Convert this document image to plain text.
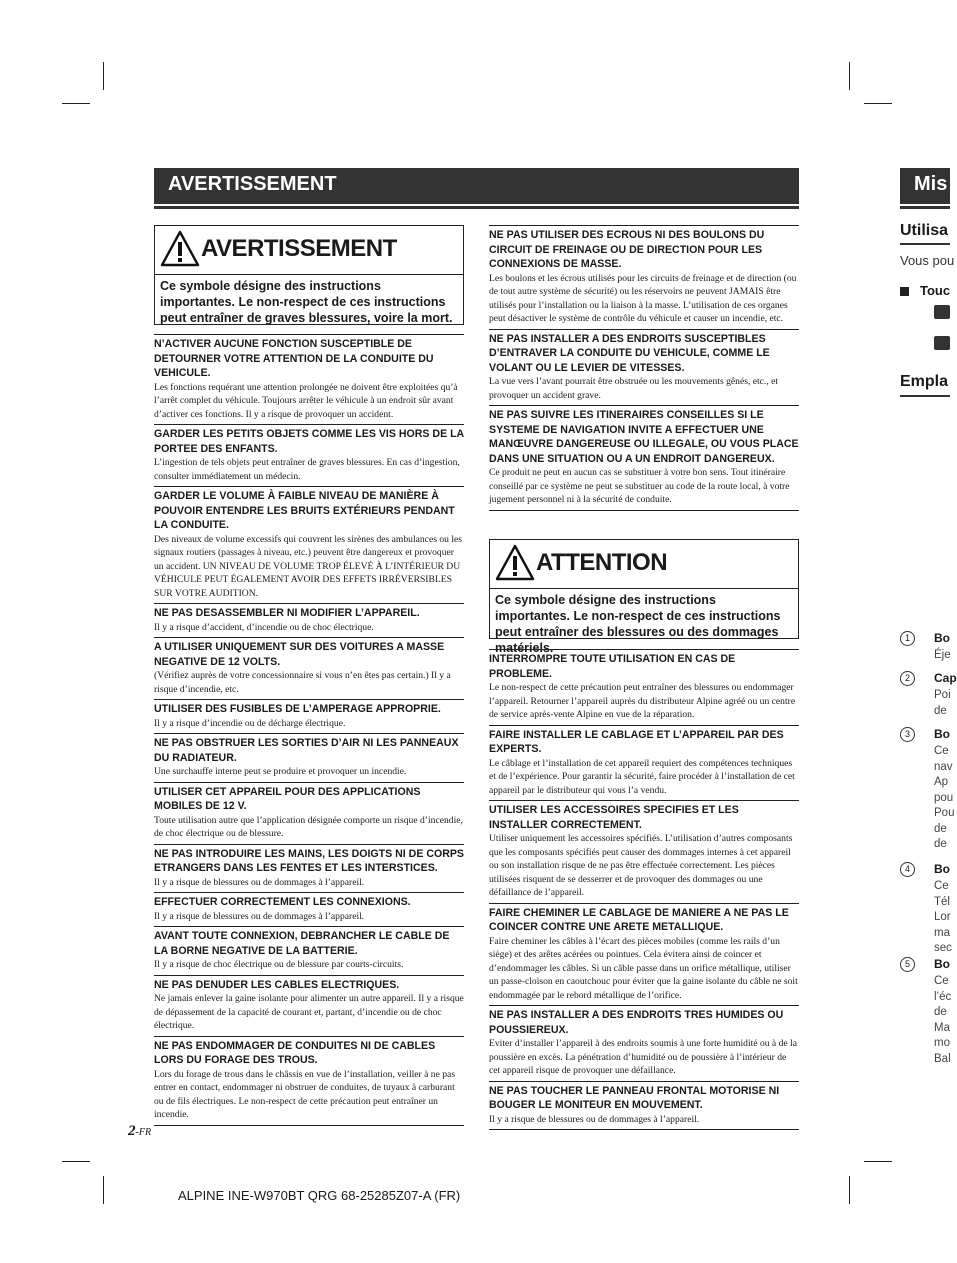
AVERTISSEMENT
AVERTISSEMENT
Ce symbole désigne des instructions importantes. Le non-respect de ces instructions peut entraîner de graves blessures, voire la mort.
N’ACTIVER AUCUNE FONCTION SUSCEPTIBLE DE DETOURNER VOTRE ATTENTION DE LA CONDUITE DU VEHICULE.
Les fonctions requérant une attention prolongée ne doivent être exploitées qu’à l’arrêt complet du véhicule. Toujours arrêter le véhicule à un endroit sûr avant d’activer ces fonctions. Il y a risque de provoquer un accident.
GARDER LES PETITS OBJETS COMME LES VIS HORS DE LA PORTEE DES ENFANTS.
L’ingestion de tels objets peut entraîner de graves blessures. En cas d’ingestion, consulter immédiatement un médecin.
GARDER LE VOLUME À FAIBLE NIVEAU DE MANIÈRE À POUVOIR ENTENDRE LES BRUITS EXTÉRIEURS PENDANT LA CONDUITE.
Des niveaux de volume excessifs qui couvrent les sirènes des ambulances ou les signaux routiers (passages à niveau, etc.) peuvent être dangereux et provoquer un accident. UN NIVEAU DE VOLUME TROP ÉLEVÉ À L’INTÉRIEUR DU VÉHICULE PEUT ÉGALEMENT AVOIR DES EFFETS IRRÉVERSIBLES SUR VOTRE AUDITION.
NE PAS DESASSEMBLER NI MODIFIER L’APPAREIL.
Il y a risque d’accident, d’incendie ou de choc électrique.
A UTILISER UNIQUEMENT SUR DES VOITURES A MASSE NEGATIVE DE 12 VOLTS.
(Vérifiez auprès de votre concessionnaire si vous n’en êtes pas certain.) Il y a risque d’incendie, etc.
UTILISER DES FUSIBLES DE L’AMPERAGE APPROPRIE.
Il y a risque d’incendie ou de décharge électrique.
NE PAS OBSTRUER LES SORTIES D’AIR NI LES PANNEAUX DU RADIATEUR.
Une surchauffe interne peut se produire et provoquer un incendie.
UTILISER CET APPAREIL POUR DES APPLICATIONS MOBILES DE 12 V.
Toute utilisation autre que l’application désignée comporte un risque d’incendie, de choc électrique ou de blessure.
NE PAS INTRODUIRE LES MAINS, LES DOIGTS NI DE CORPS ETRANGERS DANS LES FENTES ET LES INTERSTICES.
Il y a risque de blessures ou de dommages à l’appareil.
EFFECTUER CORRECTEMENT LES CONNEXIONS.
Il y a risque de blessures ou de dommages à l’appareil.
AVANT TOUTE CONNEXION, DEBRANCHER LE CABLE DE LA BORNE NEGATIVE DE LA BATTERIE.
Il y a risque de choc électrique ou de blessure par courts-circuits.
NE PAS DENUDER LES CABLES ELECTRIQUES.
Ne jamais enlever la gaine isolante pour alimenter un autre appareil. Il y a risque de dépassement de la capacité de courant et, partant, d’incendie ou de choc électrique.
NE PAS ENDOMMAGER DE CONDUITES NI DE CABLES LORS DU FORAGE DES TROUS.
Lors du forage de trous dans le châssis en vue de l’installation, veiller à ne pas entrer en contact, endommager ni obstruer de conduites, de tuyaux à carburant ou de fils électriques. Le non-respect de cette précaution peut entraîner un incendie.
NE PAS UTILISER DES ECROUS NI DES BOULONS DU CIRCUIT DE FREINAGE OU DE DIRECTION POUR LES CONNEXIONS DE MASSE.
Les boulons et les écrous utilisés pour les circuits de freinage et de direction (ou de tout autre système de sécurité) ou les réservoirs ne peuvent JAMAIS être utilisés pour l’installation ou la liaison à la masse. L’utilisation de ces organes peut désactiver le système de contrôle du véhicule et causer un incendie, etc.
NE PAS INSTALLER A DES ENDROITS SUSCEPTIBLES D’ENTRAVER LA CONDUITE DU VEHICULE, COMME LE VOLANT OU LE LEVIER DE VITESSES.
La vue vers l’avant pourrait être obstruée ou les mouvements gênés, etc., et provoquer un accident grave.
NE PAS SUIVRE LES ITINERAIRES CONSEILLES SI LE SYSTEME DE NAVIGATION INVITE A EFFECTUER UNE MANŒUVRE DANGEREUSE OU ILLEGALE, OU VOUS PLACE DANS UNE SITUATION OU A UN ENDROIT DANGEREUX.
Ce produit ne peut en aucun cas se substituer à votre bon sens. Tout itinéraire conseillé par ce système ne peut se substituer au code de la route local, à votre jugement personnel ni à la sécurité de conduite.
ATTENTION
Ce symbole désigne des instructions importantes. Le non-respect de ces instructions peut entraîner des blessures ou des dommages matériels.
INTERROMPRE TOUTE UTILISATION EN CAS DE PROBLEME.
Le non-respect de cette précaution peut entraîner des blessures ou endommager l’appareil. Retourner l’appareil auprès du distributeur Alpine agréé ou un centre de service après-vente Alpine en vue de la réparation.
FAIRE INSTALLER LE CABLAGE ET L’APPAREIL PAR DES EXPERTS.
Le câblage et l’installation de cet appareil requiert des compétences techniques et de l’expérience. Pour garantir la sécurité, faire procéder à l’installation de cet appareil par le distributeur qui vous l’a vendu.
UTILISER LES ACCESSOIRES SPECIFIES ET LES INSTALLER CORRECTEMENT.
Utiliser uniquement les accessoires spécifiés. L’utilisation d’autres composants que les composants spécifiés peut causer des dommages internes à cet appareil ou son installation risque de ne pas être effectuée correctement. Les pièces utilisées risquent de se desserrer et de provoquer des dommages ou une défaillance de l’appareil.
FAIRE CHEMINER LE CABLAGE DE MANIERE A NE PAS LE COINCER CONTRE UNE ARETE METALLIQUE.
Faire cheminer les câbles à l’écart des pièces mobiles (comme les rails d’un siège) et des arêtes acérées ou pointues. Cela évitera ainsi de coincer et d’endommager les câbles. Si un câble passe dans un orifice métallique, utiliser un passe-cloison en caoutchouc pour éviter que la gaine isolante du câble ne soit endommagée par le rebord métallique de l’orifice.
NE PAS INSTALLER A DES ENDROITS TRES HUMIDES OU POUSSIEREUX.
Eviter d’installer l’appareil à des endroits soumis à une forte humidité ou à de la poussière en excès. La pénétration d’humidité ou de poussière à l’intérieur de cet appareil risque de provoquer une défaillance.
NE PAS TOUCHER LE PANNEAU FRONTAL MOTORISE NI BOUGER LE MONITEUR EN MOUVEMENT.
Il y a risque de blessures ou de dommages à l’appareil.
2-FR
ALPINE INE-W970BT QRG 68-25285Z07-A (FR)
Mis
Utilisa
Vous pou
Touc
Empla
1	Bo
Éje
2	Cap
Poi
de
3	Bo
Ce
nav
Ap
pou
Pou
de
de
4	Bo
Ce
Tél
Lor
ma
sec
5	Bo
Ce
l’éc
de
Ma
mo
Bal
